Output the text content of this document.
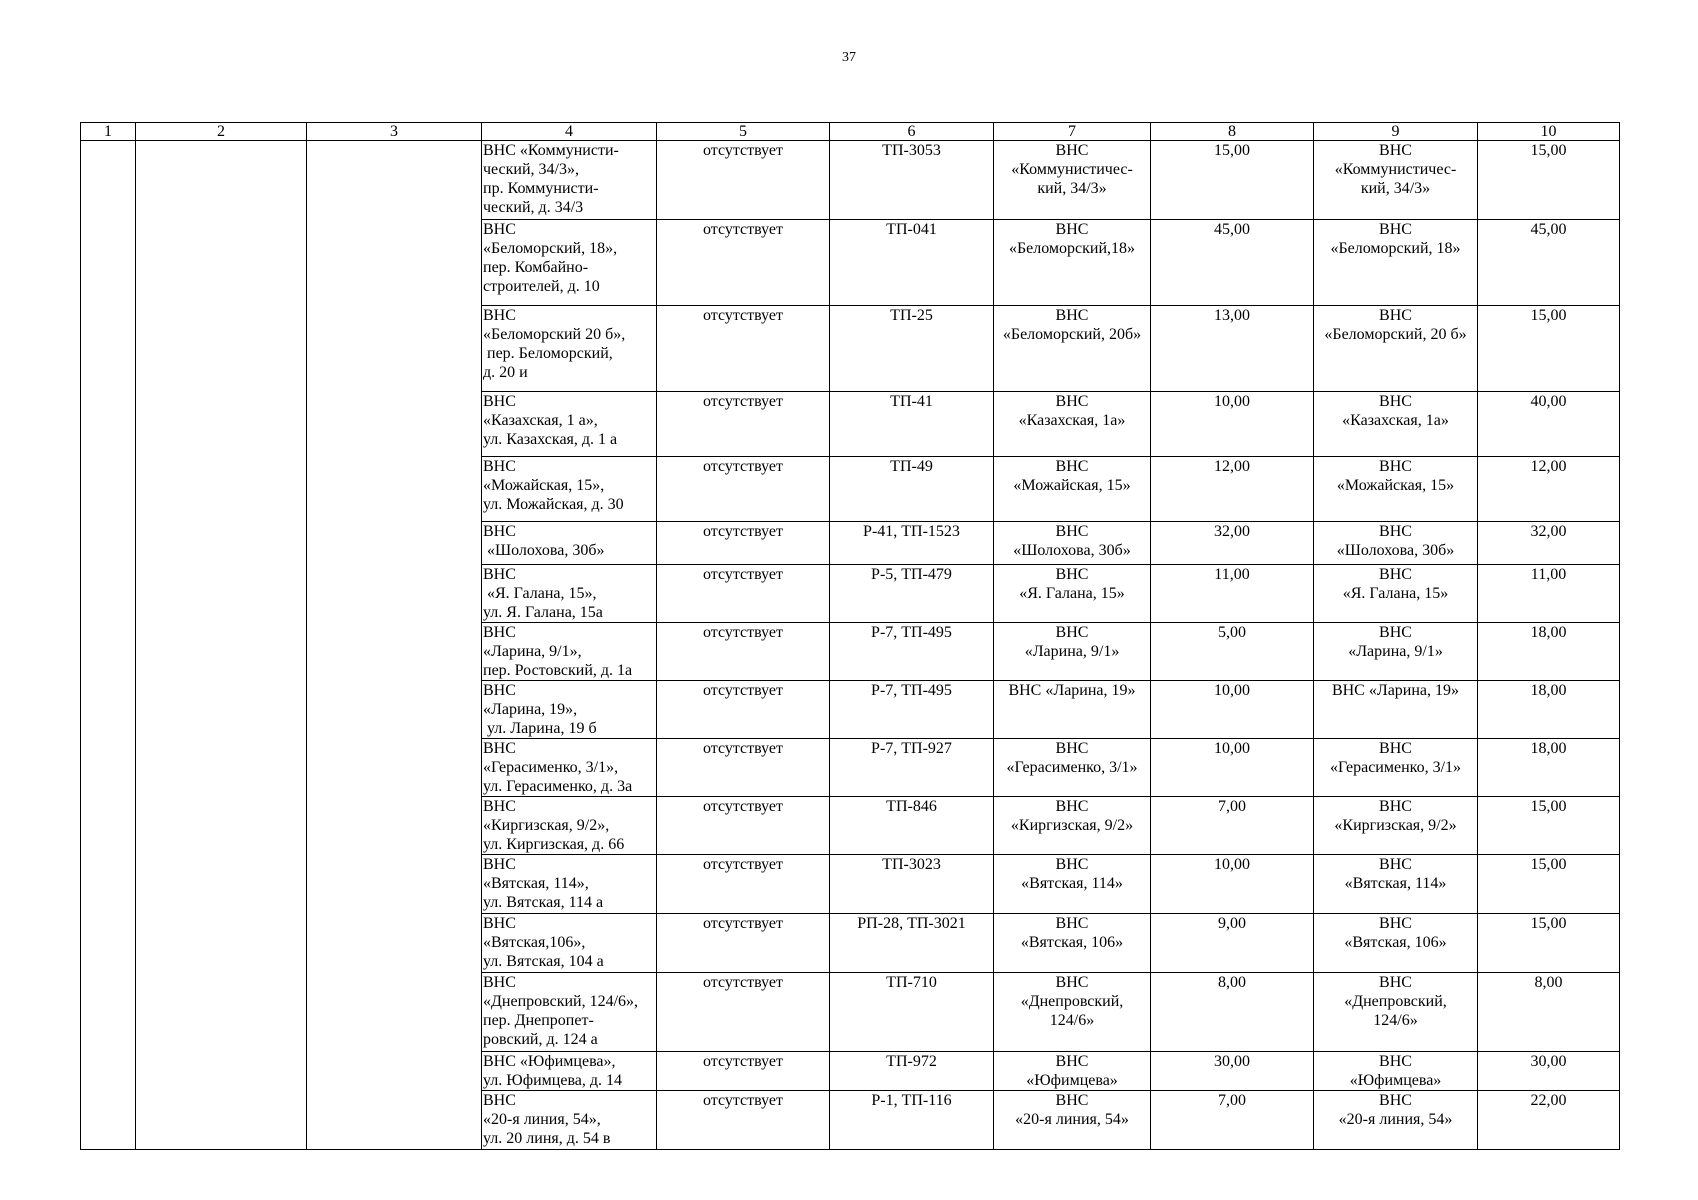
37
1	2	3	4	5	6	7	8	9	10

			ВНС «Коммунисти-
ческий, 34/3»,
пр. Коммунисти-
ческий, д. 34/3	отсутствует	ТП-3053	ВНС
«Коммунистичес-
кий, 34/3»	15,00	ВНС
«Коммунистичес-
кий, 34/3»	15,00

			ВНС
«Беломорский, 18»,
пер. Комбайно-
строителей, д. 10	отсутствует	ТП-041	ВНС
«Беломорский,18»	45,00	ВНС
«Беломорский, 18»	45,00

			ВНС
«Беломорский 20 б»,
пер. Беломорский,
д. 20 и	отсутствует	ТП-25	ВНС
«Беломорский, 20б»	13,00	ВНС
«Беломорский, 20 б»	15,00

			ВНС
«Казахская, 1 а»,
ул. Казахская, д. 1 а	отсутствует	ТП-41	ВНС
«Казахская, 1а»	10,00	ВНС
«Казахская, 1а»	40,00

			ВНС
«Можайская, 15»,
ул. Можайская, д. 30	отсутствует	ТП-49	ВНС
«Можайская, 15»	12,00	ВНС
«Можайская, 15»	12,00

			ВНС
«Шолохова, 30б»	отсутствует	Р-41, ТП-1523	ВНС
«Шолохова, 30б»	32,00	ВНС
«Шолохова, 30б»	32,00

			ВНС
«Я. Галана, 15»,
ул. Я. Галана, 15а	отсутствует	Р-5, ТП-479	ВНС
«Я. Галана, 15»	11,00	ВНС
«Я. Галана, 15»	11,00

			ВНС
«Ларина, 9/1»,
пер. Ростовский, д. 1а	отсутствует	Р-7, ТП-495	ВНС
«Ларина, 9/1»	5,00	ВНС
«Ларина, 9/1»	18,00

			ВНС
«Ларина, 19»,
ул. Ларина, 19 б	отсутствует	Р-7, ТП-495	ВНС «Ларина, 19»	10,00	ВНС «Ларина, 19»	18,00

			ВНС
«Герасименко, 3/1»,
ул. Герасименко, д. 3а	отсутствует	Р-7, ТП-927	ВНС
«Герасименко, 3/1»	10,00	ВНС
«Герасименко, 3/1»	18,00

			ВНС
«Киргизская, 9/2»,
ул. Киргизская, д. 66	отсутствует	ТП-846	ВНС
«Киргизская, 9/2»	7,00	ВНС
«Киргизская, 9/2»	15,00

			ВНС
«Вятская, 114»,
ул. Вятская, 114 а	отсутствует	ТП-3023	ВНС
«Вятская, 114»	10,00	ВНС
«Вятская, 114»	15,00

			ВНС
«Вятская,106»,
ул. Вятская, 104 а	отсутствует	РП-28, ТП-3021	ВНС
«Вятская, 106»	9,00	ВНС
«Вятская, 106»	15,00

			ВНС
«Днепровский, 124/6»,
пер. Днепропет-
ровский, д. 124 а	отсутствует	ТП-710	ВНС
«Днепровский,
124/6»	8,00	ВНС
«Днепровский,
124/6»	8,00

			ВНС «Юфимцева»,
ул. Юфимцева, д. 14	отсутствует	ТП-972	ВНС
«Юфимцева»	30,00	ВНС
«Юфимцева»	30,00

			ВНС
«20-я линия, 54»,
ул. 20 линя, д. 54 в	отсутствует	Р-1, ТП-116	ВНС
«20-я линия, 54»	7,00	ВНС
«20-я линия, 54»	22,00
